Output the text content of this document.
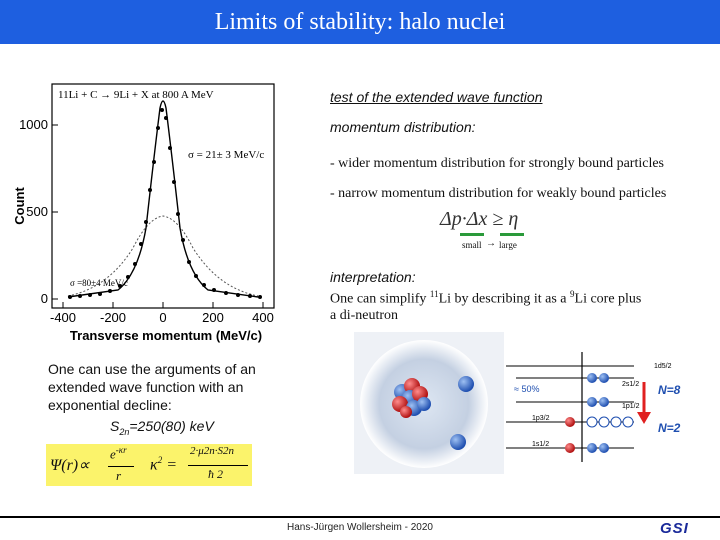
Limits of stability: halo nuclei
11Li + C → 9Li + X at 800 A MeV
σ = 21± 3 MeV/c
σ =80±4 MeV/c
1000
500
0
-400 -200	0	200 400
Transverse momentum (MeV/c)
Count
test of the extended wave function
momentum distribution:
- wider momentum distribution for strongly bound particles
- narrow momentum distribution for weakly bound particles
Δp·Δx ≥ η
small → large
interpretation:
One can simplify $^{11}$Li by describing it as a $^9$Li core plus
a di-neutron
One can use the arguments of an
extended wave function with an
exponential decline:
$S_{2n}=250(80)$ keV
Ψ(r)∝
$e^{-\kappa r}$
r
$\kappa^2$ =
2·μ2n·S2n
ħ 2
≈ 50%
1d5/2
2s1/2
1p1/2
1p3/2
1s1/2
N=8
N=2
Hans-Jürgen Wollersheim - 2020	GSI
